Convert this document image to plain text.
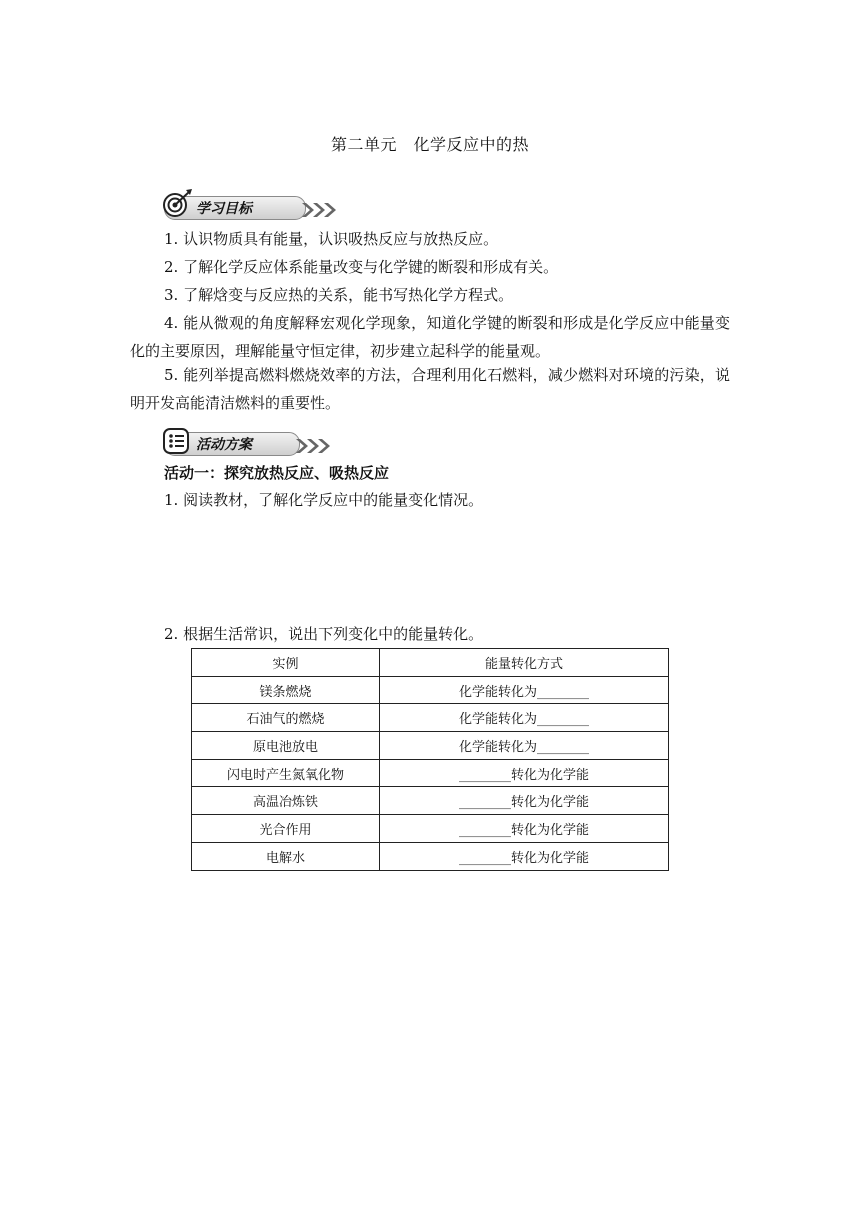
第二单元　化学反应中的热
学习目标
1. 认识物质具有能量，认识吸热反应与放热反应。
2. 了解化学反应体系能量改变与化学键的断裂和形成有关。
3. 了解焓变与反应热的关系，能书写热化学方程式。
4. 能从微观的角度解释宏观化学现象，知道化学键的断裂和形成是化学反应中能量变化的主要原因，理解能量守恒定律，初步建立起科学的能量观。
5. 能列举提高燃料燃烧效率的方法，合理利用化石燃料，减少燃料对环境的污染，说明开发高能清洁燃料的重要性。
活动方案
活动一：探究放热反应、吸热反应
1. 阅读教材，了解化学反应中的能量变化情况。
2. 根据生活常识，说出下列变化中的能量转化。
实例	能量转化方式
镁条燃烧	化学能转化为________
石油气的燃烧	化学能转化为________
原电池放电	化学能转化为________
闪电时产生氮氧化物	________转化为化学能
高温冶炼铁	________转化为化学能
光合作用	________转化为化学能
电解水	________转化为化学能
